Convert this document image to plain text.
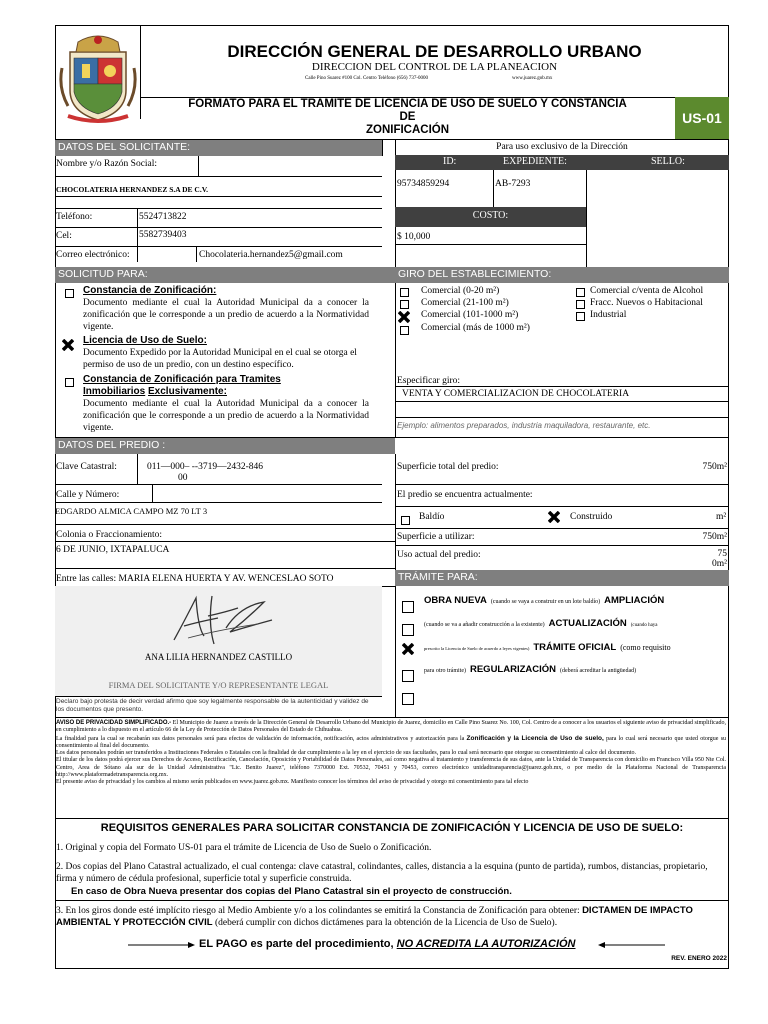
DIRECCIÓN GENERAL DE DESARROLLO URBANO
DIRECCION DEL CONTROL DE LA PLANEACION
Calle Pino Suarez #100 Col. Centro Teléfono (656) 737-0000	www.juarez.gob.mx
FORMATO PARA EL TRAMITE DE LICENCIA DE USO DE SUELO Y CONSTANCIA
DE
ZONIFICACIÓN
US-01
DATOS DEL SOLICITANTE:
Nombre y/o Razón Social:
CHOCOLATERIA HERNANDEZ S.A DE C.V.
Teléfono:	5524713822
Cel:	5582739403
Correo electrónico:	Chocolateria.hernandez5@gmail.com
Para uso exclusivo de la Dirección
ID:	EXPEDIENTE:	SELLO:
95734859294	AB-7293
COSTO:
$ 10,000
SOLICITUD PARA:
Constancia de Zonificación:
Documento mediante el cual la Autoridad Municipal da a conocer la zonificación que le corresponde a un predio de acuerdo a la Normatividad vigente.
Licencia de Uso de Suelo:
Documento Expedido por la Autoridad Municipal en el cual se otorga el permiso de uso de un predio, con un destino específico.
Constancia de Zonificación para Tramites
Inmobiliarios Exclusivamente:
Documento mediante el cual la Autoridad Municipal da a conocer la zonificación que le corresponde a un predio de acuerdo a la Normatividad vigente.
GIRO DEL ESTABLECIMIENTO:
Comercial (0-20 m²)
Comercial (21-100 m²)
Comercial (101-1000 m²)
Comercial (más de 1000 m²)
Comercial c/venta de Alcohol
Fracc. Nuevos o Habitacional
Industrial
Especificar giro:
VENTA Y COMERCIALIZACION DE CHOCOLATERIA
Ejemplo: alimentos preparados, industria maquiladora, restaurante, etc.
DATOS DEL PREDIO :
Clave Catastral:	011—000– --3719—2432-846
00
Calle y Número:
EDGARDO ALMICA CAMPO MZ 70 LT 3
Colonia o Fraccionamiento:
6 DE JUNIO, IXTAPALUCA
Entre las calles: MARIA ELENA HUERTA Y AV. WENCESLAO SOTO
Superficie total del predio:	750m²
El predio se encuentra actualmente:
Baldío	Construido	m²
Superficie a utilizar:	750m²
Uso actual del predio:	75
0m²
ANA LILIA HERNANDEZ CASTILLO
FIRMA DEL SOLICITANTE Y/O REPRESENTANTE LEGAL
Declaro bajo protesta de decir verdad afirmo que soy legalmente responsable de la autenticidad y validez de los documentos que presento.
TRÁMITE PARA:
OBRA NUEVA (cuando se vaya a construir en un lote baldío) AMPLIACIÓN
(cuando se va a añadir construcción a la existente) ACTUALIZACIÓN (cuando haya
prescrito la Licencia de Suelo de acuerdo a leyes vigentes) TRÁMITE OFICIAL (como requisito
para otro trámite) REGULARIZACIÓN (deberá acreditar la antigüedad)
AVISO DE PRIVACIDAD SIMPLIFICADO.- El Municipio de Juarez a través de la Dirección General de Desarrollo Urbano del Municipio de Juarez, domicilio en Calle Pino Suarez No. 100, Col. Centro de a conocer a los usuarios el siguiente aviso de privacidad simplificado, en cumplimiento a lo dispuesto en el artículo 66 de la Ley de Protección de Datos Personales del Estado de Chihuahua.
La finalidad para la cual se recabarán sus datos personales será para efectos de validación de información, notificación, actos administrativos y autorización para la Zonificación y la Licencia de Uso de suelo, para lo cual será necesario que usted otorgue su consentimiento al final del documento.
Los datos personales podrán ser transferidos a Instituciones Federales o Estatales con la finalidad de dar cumplimiento a la ley en el ejercicio de sus facultades, para lo cual será necesario que otorgue su consentimiento al calce del documento.
El titular de los datos podrá ejercer sus Derechos de Acceso, Rectificación, Cancelación, Oposición y Portabilidad de Datos Personales, así como negativa al tratamiento y transferencia de sus datos, ante la Unidad de Transparencia con domicilio en Francisco Villa 950 Nte Col. Centro, Area de Sótano ala sur de la Unidad Administrativa "Lic. Benito Juarez", teléfono 7370000 Ext. 70532, 70451 y 70453, correo electrónico unidadtransparencia@juarez.gob.mx, o por medio de la Plataforma Nacional de Transparencia http://www.plataformadetransparencia.org.mx.
El presente aviso de privacidad y los cambios al mismo serán publicados en www.juarez.gob.mx. Manifiesto conocer los términos del aviso de privacidad y otorgo mi consentimiento para tal efecto
REQUISITOS GENERALES PARA SOLICITAR CONSTANCIA DE ZONIFICACIÓN Y LICENCIA DE USO DE SUELO:
1. Original y copia del Formato US-01 para el trámite de Licencia de Uso de Suelo o Zonificación.
2. Dos copias del Plano Catastral actualizado, el cual contenga: clave catastral, colindantes, calles, distancia a la esquina (punto de partida), rumbos, distancias, propietario, firma y número de cédula profesional, superficie total y superficie construida.
En caso de Obra Nueva presentar dos copias del Plano Catastral sin el proyecto de construcción.
3. En los giros donde esté implícito riesgo al Medio Ambiente y/o a los colindantes se emitirá la Constancia de Zonificación para obtener: DICTAMEN DE IMPACTO AMBIENTAL Y PROTECCIÓN CIVIL (deberá cumplir con dichos dictámenes para la obtención de la Licencia de Uso de Suelo).
EL PAGO es parte del procedimiento, NO ACREDITA LA AUTORIZACIÓN
REV. ENERO 2022
